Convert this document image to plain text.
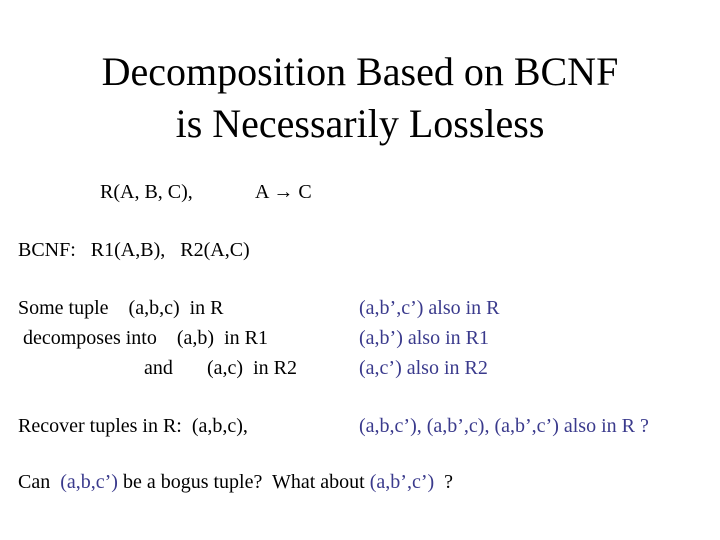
Decomposition Based on BCNF
is Necessarily Lossless
R(A, B, C),	A → C
BCNF:   R1(A,B),   R2(A,C)
Some tuple    (a,b,c)  in R
decomposes into    (a,b)  in R1
and (a,c)  in R2
(a,b’,c’) also in R
(a,b’) also in R1
(a,c’) also in R2
Recover tuples in R:  (a,b,c),	(a,b,c’), (a,b’,c), (a,b’,c’) also in R ?
Can  (a,b,c’) be a bogus tuple?  What about (a,b’,c’)  ?
